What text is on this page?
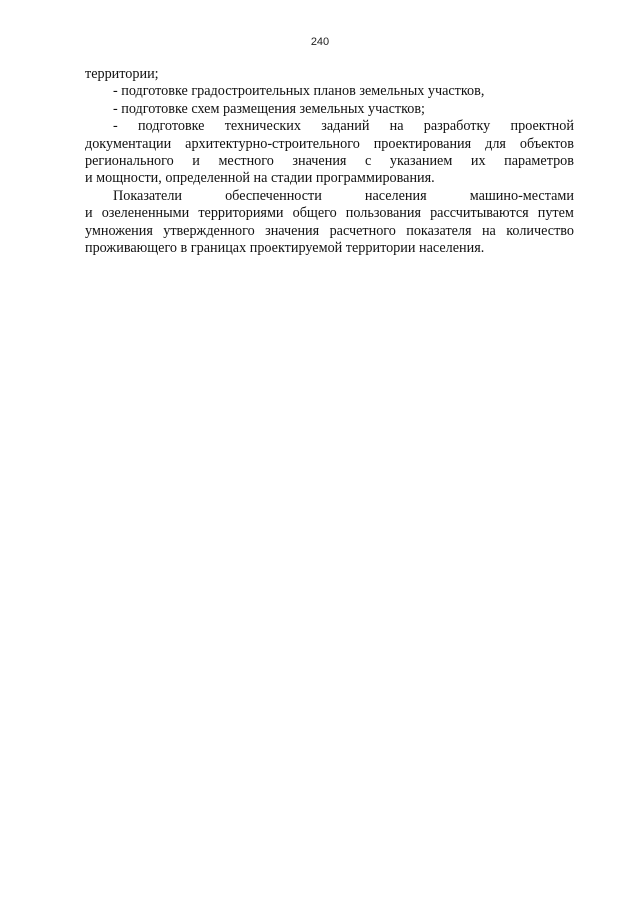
240

территории;

- подготовке градостроительных планов земельных участков,

- подготовке схем размещения земельных участков;

- подготовке технических заданий на разработку проектной
документации архитектурно-строительного проектирования для объектов
регионального и местного значения с указанием их параметров

и мощности, определенной на стадии программирования.

Показатели	обеспеченности	населения	машино-местами
и озелененными территориями общего пользования рассчитываются путем
умножения утвержденного значения расчетного показателя на количество

проживающего в границах проектируемой территории населения.
